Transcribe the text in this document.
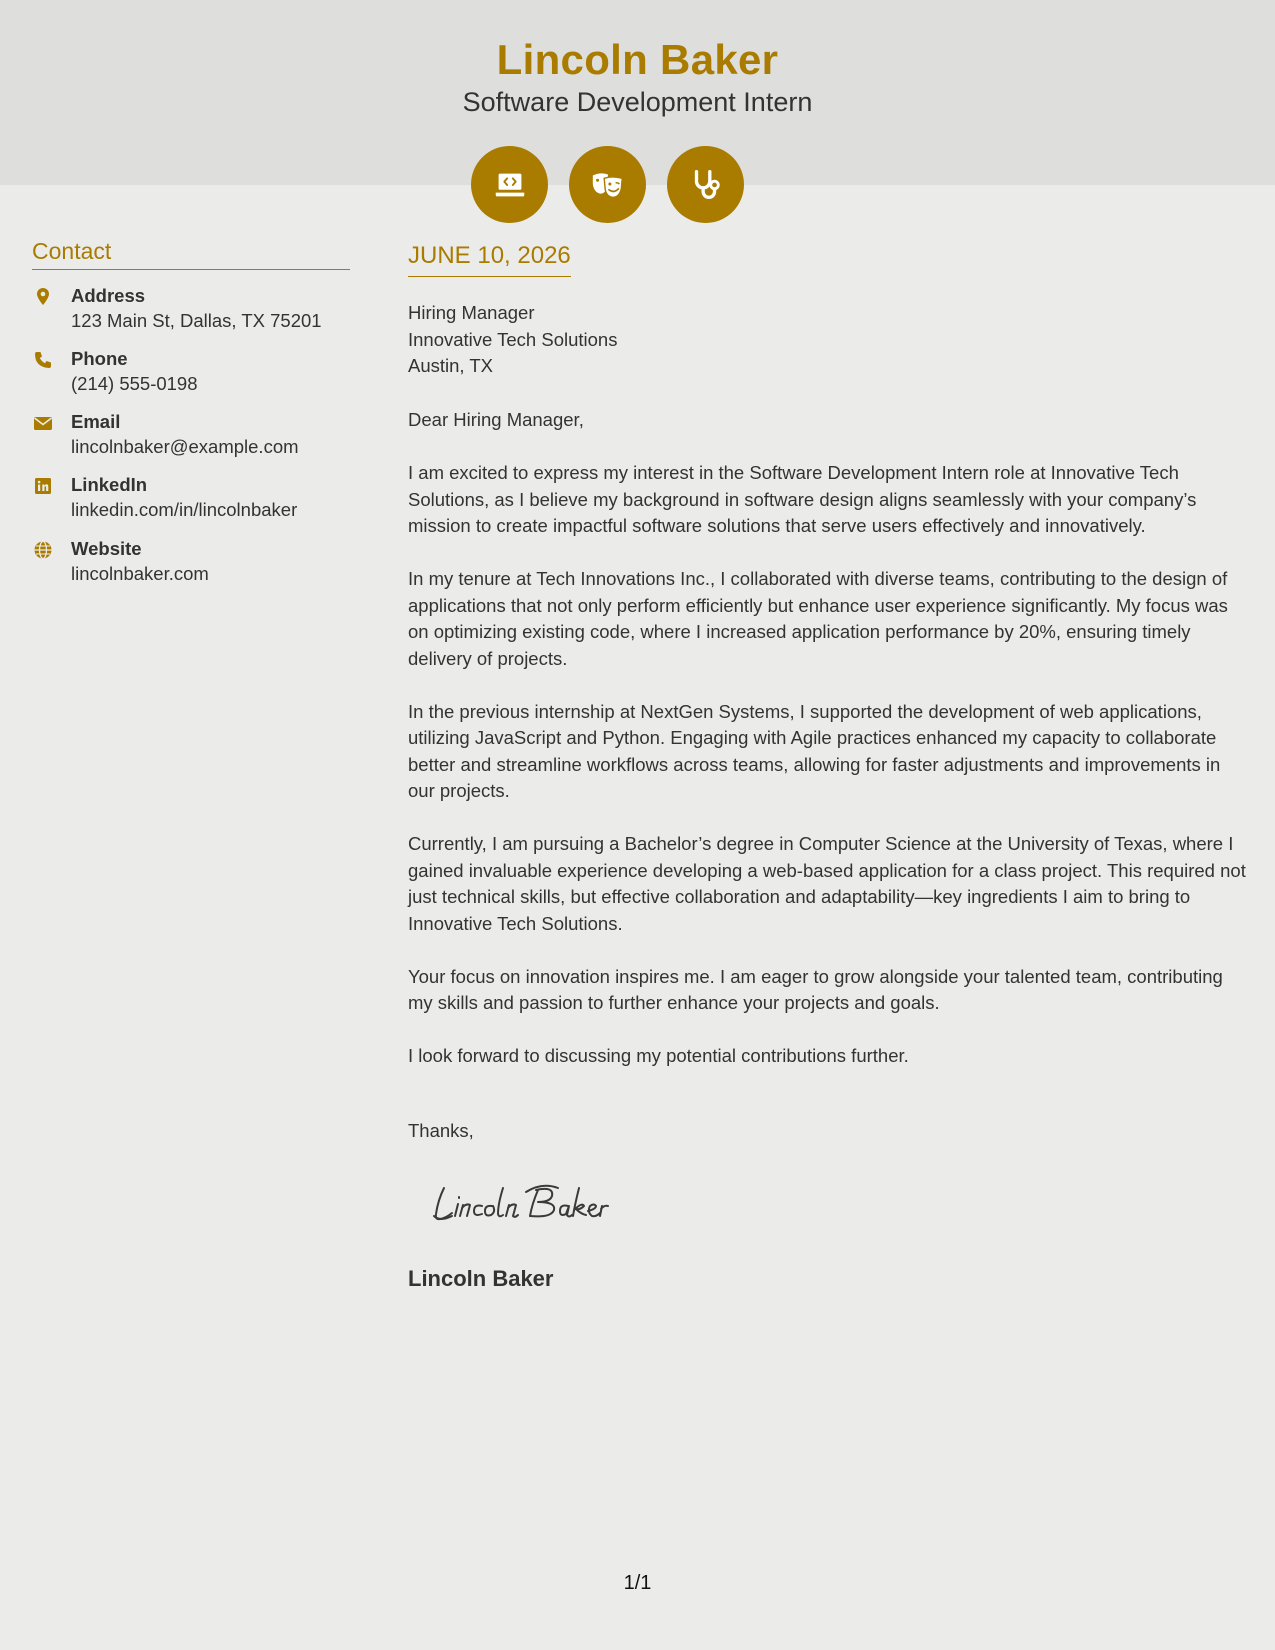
Lincoln Baker
Software Development Intern
Contact
Address
123 Main St, Dallas, TX 75201
Phone
(214) 555-0198
Email
lincolnbaker@example.com
LinkedIn
linkedin.com/in/lincolnbaker
Website
lincolnbaker.com
JUNE 10, 2026
Hiring Manager
Innovative Tech Solutions
Austin, TX

Dear Hiring Manager,

I am excited to express my interest in the Software Development Intern role at Innovative Tech Solutions, as I believe my background in software design aligns seamlessly with your company’s mission to create impactful software solutions that serve users effectively and innovatively.

In my tenure at Tech Innovations Inc., I collaborated with diverse teams, contributing to the design of applications that not only perform efficiently but enhance user experience significantly. My focus was on optimizing existing code, where I increased application performance by 20%, ensuring timely delivery of projects.

In the previous internship at NextGen Systems, I supported the development of web applications, utilizing JavaScript and Python. Engaging with Agile practices enhanced my capacity to collaborate better and streamline workflows across teams, allowing for faster adjustments and improvements in our projects.

Currently, I am pursuing a Bachelor’s degree in Computer Science at the University of Texas, where I gained invaluable experience developing a web-based application for a class project. This required not just technical skills, but effective collaboration and adaptability—key ingredients I aim to bring to Innovative Tech Solutions.

Your focus on innovation inspires me. I am eager to grow alongside your talented team, contributing my skills and passion to further enhance your projects and goals.

I look forward to discussing my potential contributions further.

Thanks,
Lincoln Baker
1/1
